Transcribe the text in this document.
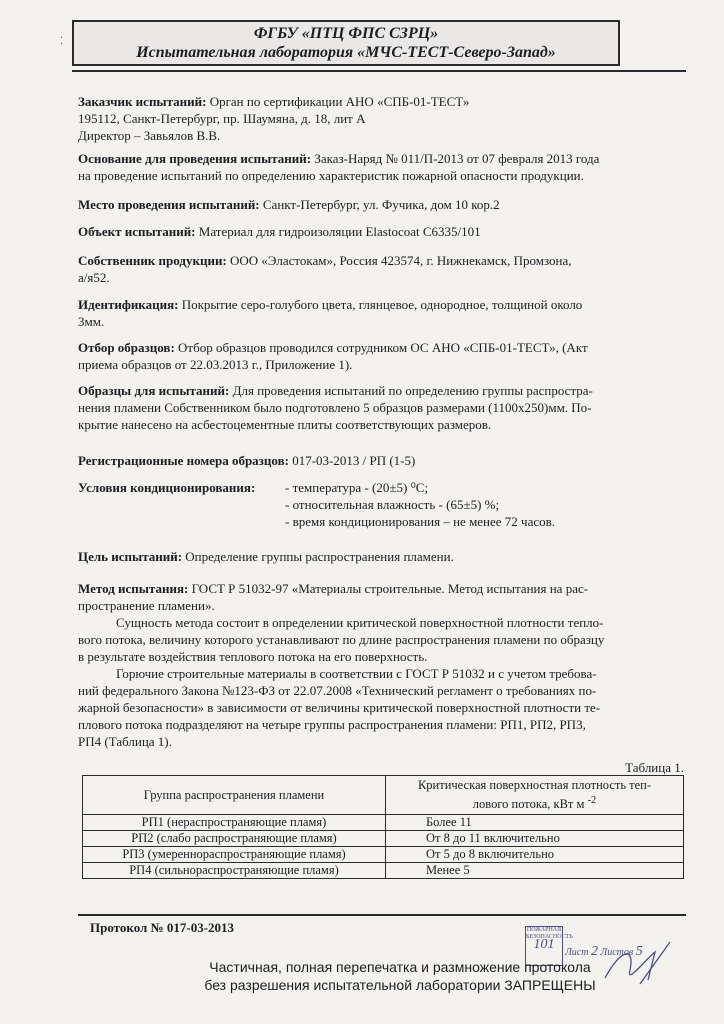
⁚	ФГБУ «ПТЦ ФПС СЗРЦ»
Испытательная лаборатория «МЧС-ТЕСТ-Северо-Запад»
Заказчик испытаний: Орган по сертификации АНО «СПБ-01-ТЕСТ»
195112, Санкт-Петербург, пр. Шаумяна, д. 18, лит А
Директор – Завьялов В.В.
Основание для проведения испытаний: Заказ-Наряд № 011/П-2013 от 07 февраля 2013 года
на проведение испытаний по определению характеристик пожарной опасности продукции.
Место проведения испытаний: Санкт-Петербург, ул. Фучика, дом 10 кор.2
Объект испытаний: Материал для гидроизоляции Elastocoat C6335/101
Собственник продукции: ООО «Эластокам», Россия 423574, г. Нижнекамск, Промзона,
а/я52.
Идентификация: Покрытие серо-голубого цвета, глянцевое, однородное, толщиной около
3мм.
Отбор образцов: Отбор образцов проводился сотрудником ОС АНО «СПБ-01-ТЕСТ», (Акт
приема образцов от 22.03.2013 г., Приложение 1).
Образцы для испытаний: Для проведения испытаний по определению группы распростра-
нения пламени Собственником было подготовлено 5 образцов размерами (1100x250)мм. По-
крытие нанесено на асбестоцементные плиты соответствующих размеров.
Регистрационные номера образцов: 017-03-2013 / РП (1-5)
Условия кондиционирования:	- температура - (20±5) ⁰С;
- относительная влажность - (65±5) %;
- время кондиционирования – не менее 72 часов.
Цель испытаний: Определение группы распространения пламени.
Метод испытания: ГОСТ Р 51032-97 «Материалы строительные. Метод испытания на рас-
пространение пламени».
Сущность метода состоит в определении критической поверхностной плотности тепло-
вого потока, величину которого устанавливают по длине распространения пламени по образцу
в результате воздействия теплового потока на его поверхность.
Горючие строительные материалы в соответствии с ГОСТ Р 51032 и с учетом требова-
ний федерального Закона №123-ФЗ от 22.07.2008 «Технический регламент о требованиях по-
жарной безопасности» в зависимости от величины критической поверхностной плотности те-
плового потока подразделяют на четыре группы распространения пламени: РП1, РП2, РП3,
РП4 (Таблица 1).
Таблица 1.
Группа распространения пламени	Критическая поверхностная плотность теп-
лового потока, кВт м $^{-2}$
РП1 (нераспространяющие пламя)	Более 11
РП2 (слабо распространяющие пламя)	От 8 до 11 включительно
РП3 (умереннораспространяющие пламя)	От 5 до 8 включительно
РП4 (сильнораспространяющие пламя)	Менее 5
Протокол № 017-03-2013	ПОЖАРНАЯ БЕЗОПАСНОСТЬ
101
Лист 2 Листов 5
Частичная, полная перепечатка и размножение протокола
без разрешения испытательной лаборатории ЗАПРЕЩЕНЫ
